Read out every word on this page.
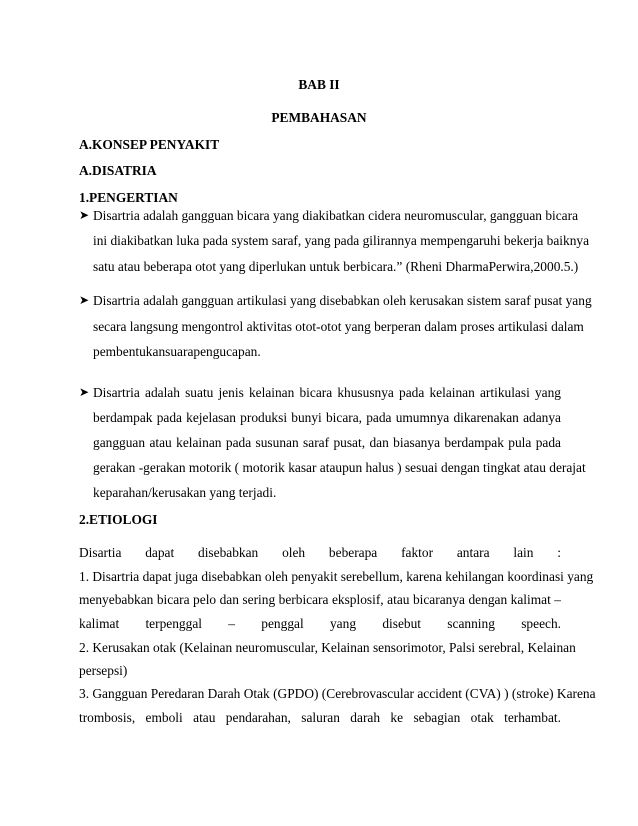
BAB II
PEMBAHASAN
A.KONSEP PENYAKIT
A.DISATRIA
1.PENGERTIAN
➤ Disartria adalah gangguan bicara yang diakibatkan cidera neuromuscular, gangguan bicara
ini diakibatkan luka pada system saraf, yang pada gilirannya mempengaruhi bekerja baiknya
satu atau beberapa otot yang diperlukan untuk berbicara.” (Rheni DharmaPerwira,2000.5.)
➤ Disartria adalah gangguan artikulasi yang disebabkan oleh kerusakan sistem saraf pusat yang
secara langsung mengontrol aktivitas otot-otot yang berperan dalam proses artikulasi dalam
pembentukansuarapengucapan.
➤ Disartria adalah suatu jenis kelainan bicara khususnya pada kelainan artikulasi yang
berdampak pada kejelasan produksi bunyi bicara, pada umumnya dikarenakan adanya
gangguan atau kelainan pada susunan saraf pusat, dan biasanya berdampak pula pada
gerakan -gerakan motorik ( motorik kasar ataupun halus ) sesuai dengan tingkat atau derajat
keparahan/kerusakan yang terjadi.
2.ETIOLOGI
Disartia dapat disebabkan oleh beberapa faktor antara lain :
1. Disartria dapat juga disebabkan oleh penyakit serebellum, karena kehilangan koordinasi yang
menyebabkan bicara pelo dan sering berbicara eksplosif, atau bicaranya dengan kalimat –
kalimat terpenggal – penggal yang disebut scanning speech.
2. Kerusakan otak (Kelainan neuromuscular, Kelainan sensorimotor, Palsi serebral, Kelainan
persepsi)
3. Gangguan Peredaran Darah Otak (GPDO) (Cerebrovascular accident (CVA) ) (stroke) Karena
trombosis, emboli atau pendarahan, saluran darah ke sebagian otak terhambat.
